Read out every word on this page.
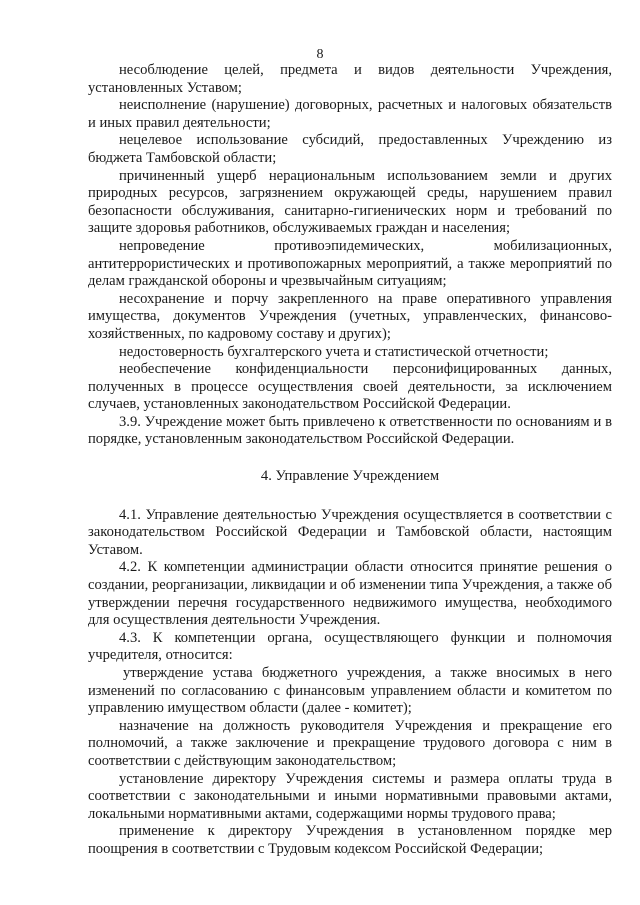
8

несоблюдение целей, предмета и видов деятельности Учреждения, установленных Уставом;

неисполнение (нарушение) договорных, расчетных и налоговых обязательств и иных правил деятельности;

нецелевое использование субсидий, предоставленных Учреждению из бюджета Тамбовской области;

причиненный ущерб нерациональным использованием земли и других природных ресурсов, загрязнением окружающей среды, нарушением правил безопасности обслуживания, санитарно-гигиенических норм и требований по защите здоровья работников, обслуживаемых граждан и населения;

непроведение противоэпидемических, мобилизационных, антитеррористических и противопожарных мероприятий, а также мероприятий по делам гражданской обороны и чрезвычайным ситуациям;

несохранение и порчу закрепленного на праве оперативного управления имущества, документов Учреждения (учетных, управленческих, финансово-хозяйственных, по кадровому составу и других);

недостоверность бухгалтерского учета и статистической отчетности;

необеспечение конфиденциальности персонифицированных данных, полученных в процессе осуществления своей деятельности, за исключением случаев, установленных законодательством Российской Федерации.

3.9. Учреждение может быть привлечено к ответственности по основаниям и в порядке, установленным законодательством Российской Федерации.

4. Управление Учреждением

4.1. Управление деятельностью Учреждения осуществляется в соответствии с законодательством Российской Федерации и Тамбовской области, настоящим Уставом.

4.2. К компетенции администрации области относится принятие решения о создании, реорганизации, ликвидации и об изменении типа Учреждения, а также об утверждении перечня государственного недвижимого имущества, необходимого для осуществления деятельности Учреждения.

4.3. К компетенции органа, осуществляющего функции и полномочия учредителя, относится:

утверждение устава бюджетного учреждения, а также вносимых в него изменений по согласованию с финансовым управлением области и комитетом по управлению имуществом области (далее - комитет);

назначение на должность руководителя Учреждения и прекращение его полномочий, а также заключение и прекращение трудового договора с ним в соответствии с действующим законодательством;

установление директору Учреждения системы и размера оплаты труда в соответствии с законодательными и иными нормативными правовыми актами, локальными нормативными актами, содержащими нормы трудового права;

применение к директору Учреждения в установленном порядке мер поощрения в соответствии с Трудовым кодексом Российской Федерации;
